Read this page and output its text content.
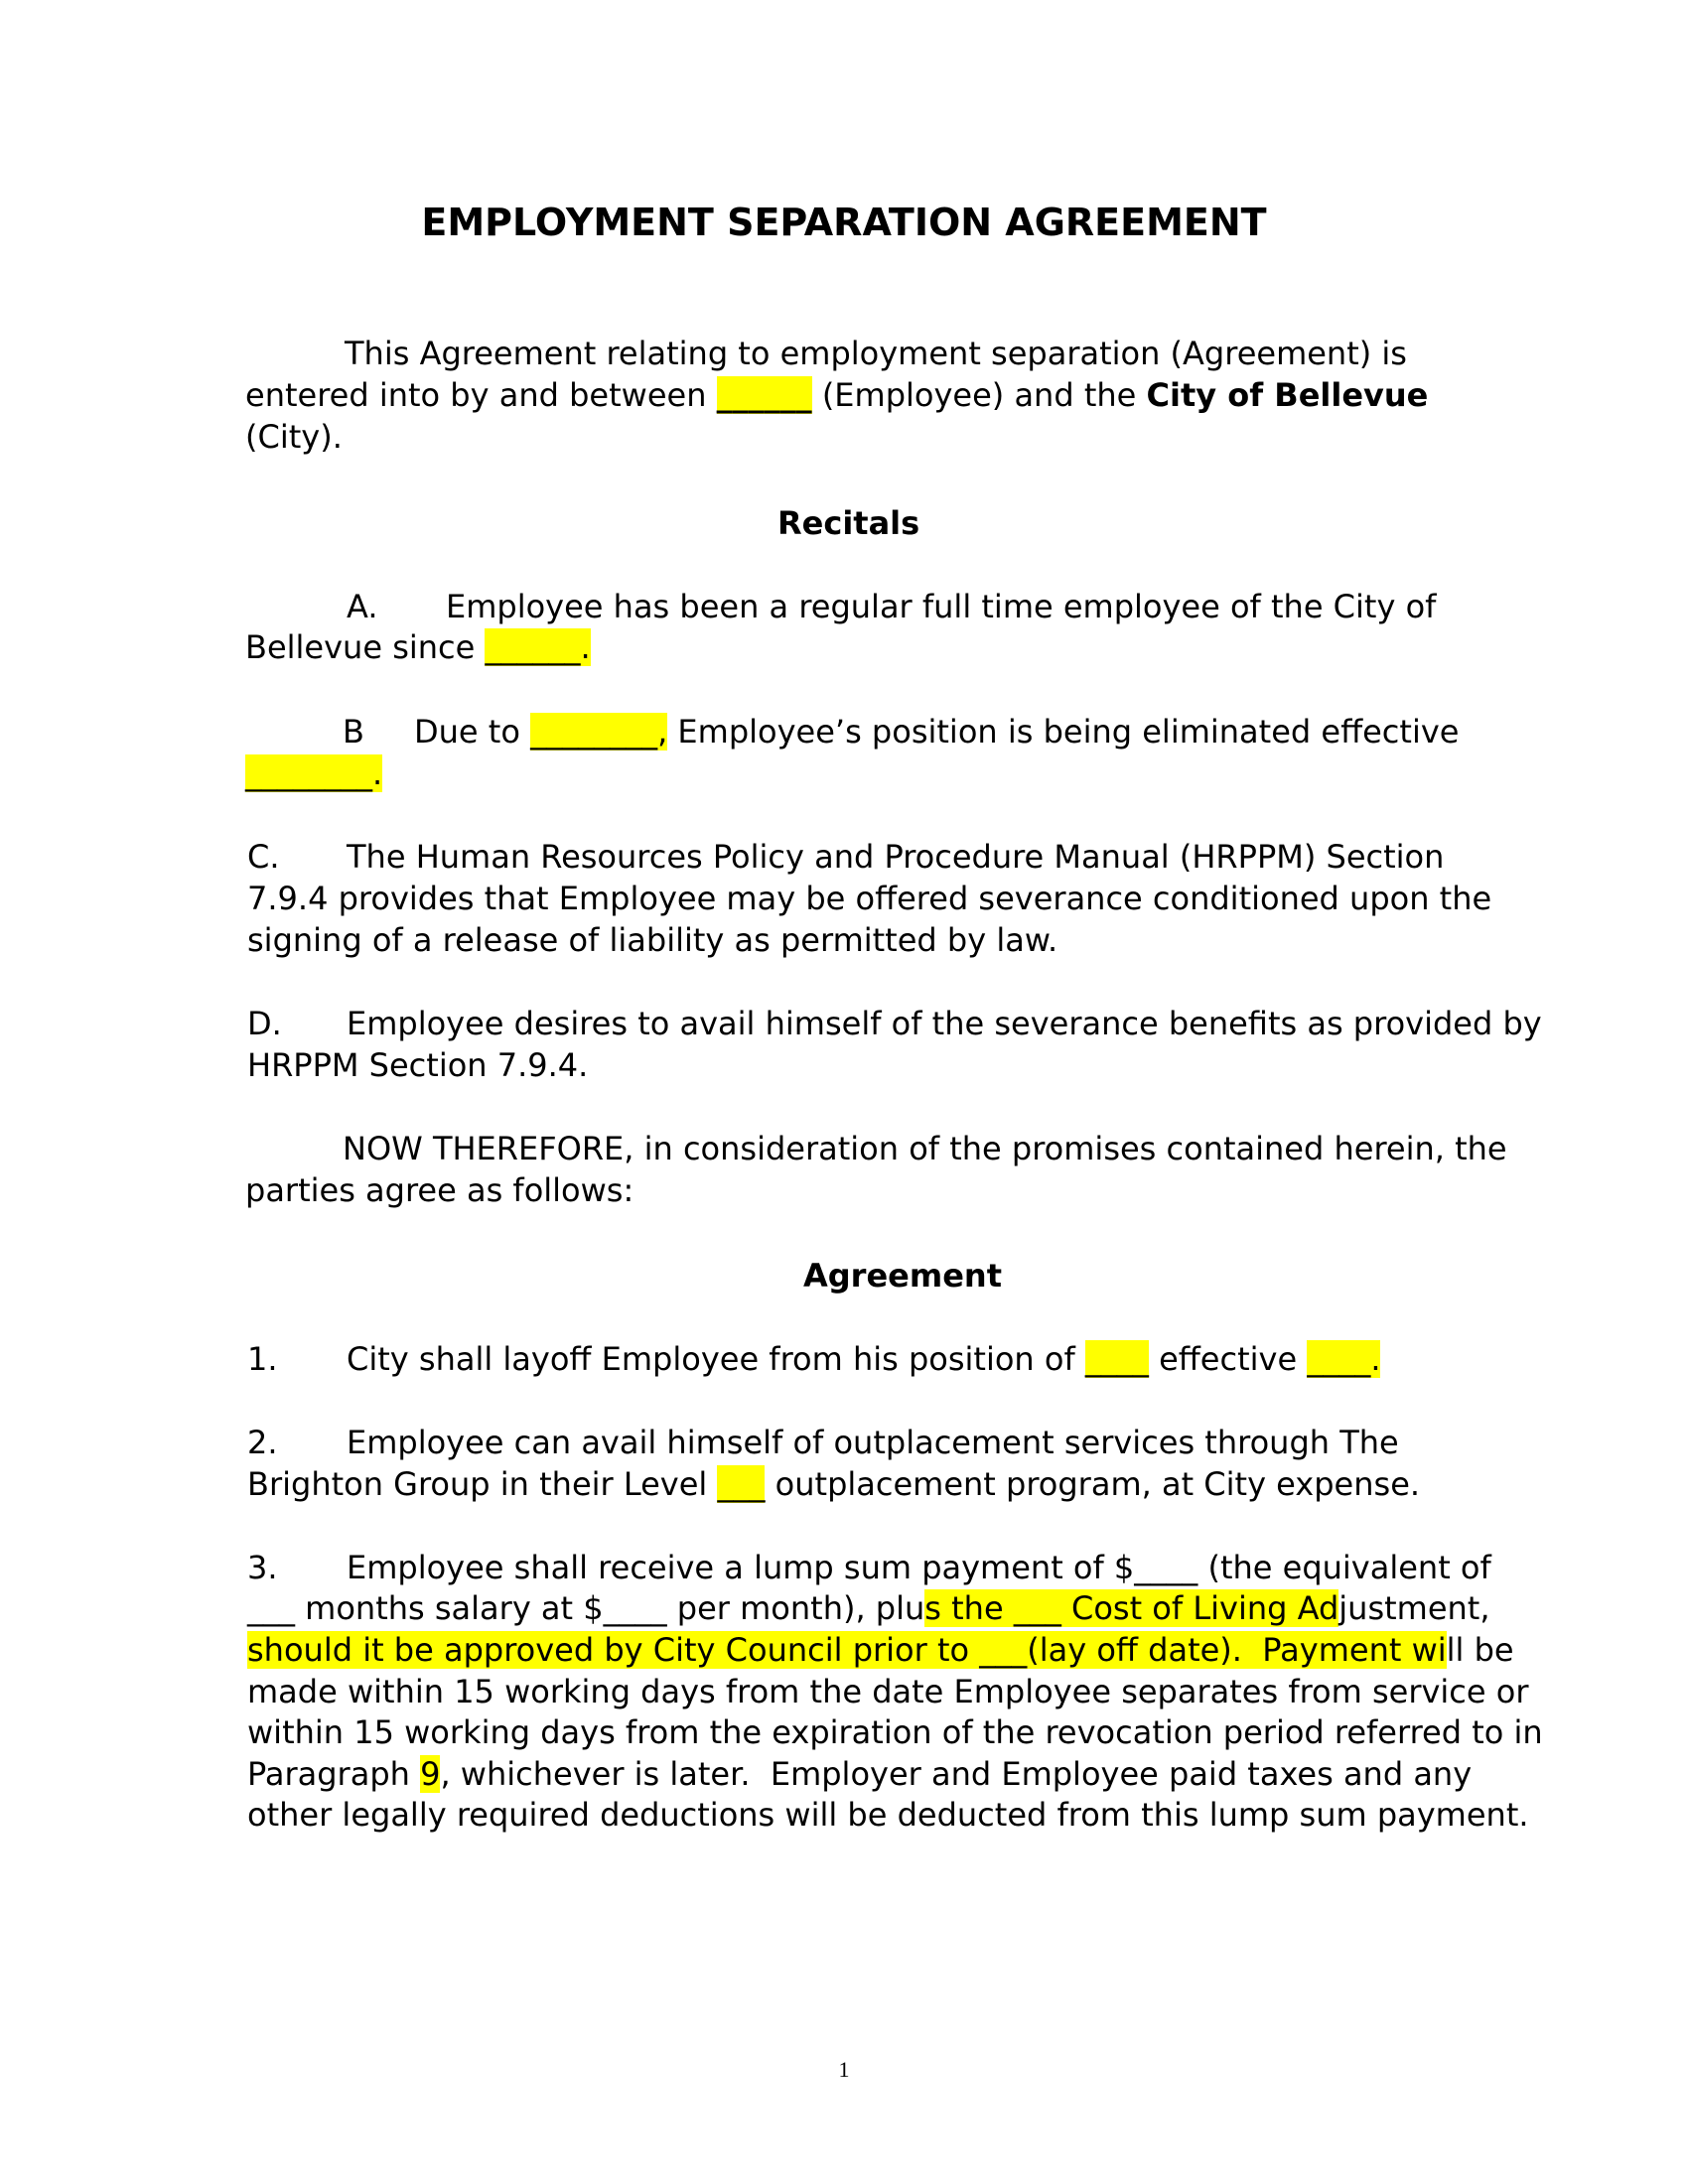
EMPLOYMENT SEPARATION AGREEMENT
This Agreement relating to employment separation (Agreement) is
entered into by and between ______ (Employee) and the City of Bellevue
(City).
Recitals
A. Employee has been a regular full time employee of the City of
Bellevue since ______.
B Due to ________, Employee’s position is being eliminated effective
________.
C. The Human Resources Policy and Procedure Manual (HRPPM) Section
7.9.4 provides that Employee may be offered severance conditioned upon the
signing of a release of liability as permitted by law.
D. Employee desires to avail himself of the severance benefits as provided by
HRPPM Section 7.9.4.
NOW THEREFORE, in consideration of the promises contained herein, the
parties agree as follows:
Agreement
1. City shall layoff Employee from his position of ____ effective ____.
2. Employee can avail himself of outplacement services through The
Brighton Group in their Level ___ outplacement program, at City expense.
3. Employee shall receive a lump sum payment of $____ (the equivalent of
___ months salary at $____ per month), plus the ___ Cost of Living Adjustment,
should it be approved by City Council prior to ___(lay off date).  Payment will be
made within 15 working days from the date Employee separates from service or
within 15 working days from the expiration of the revocation period referred to in
Paragraph 9, whichever is later.  Employer and Employee paid taxes and any
other legally required deductions will be deducted from this lump sum payment.
1
